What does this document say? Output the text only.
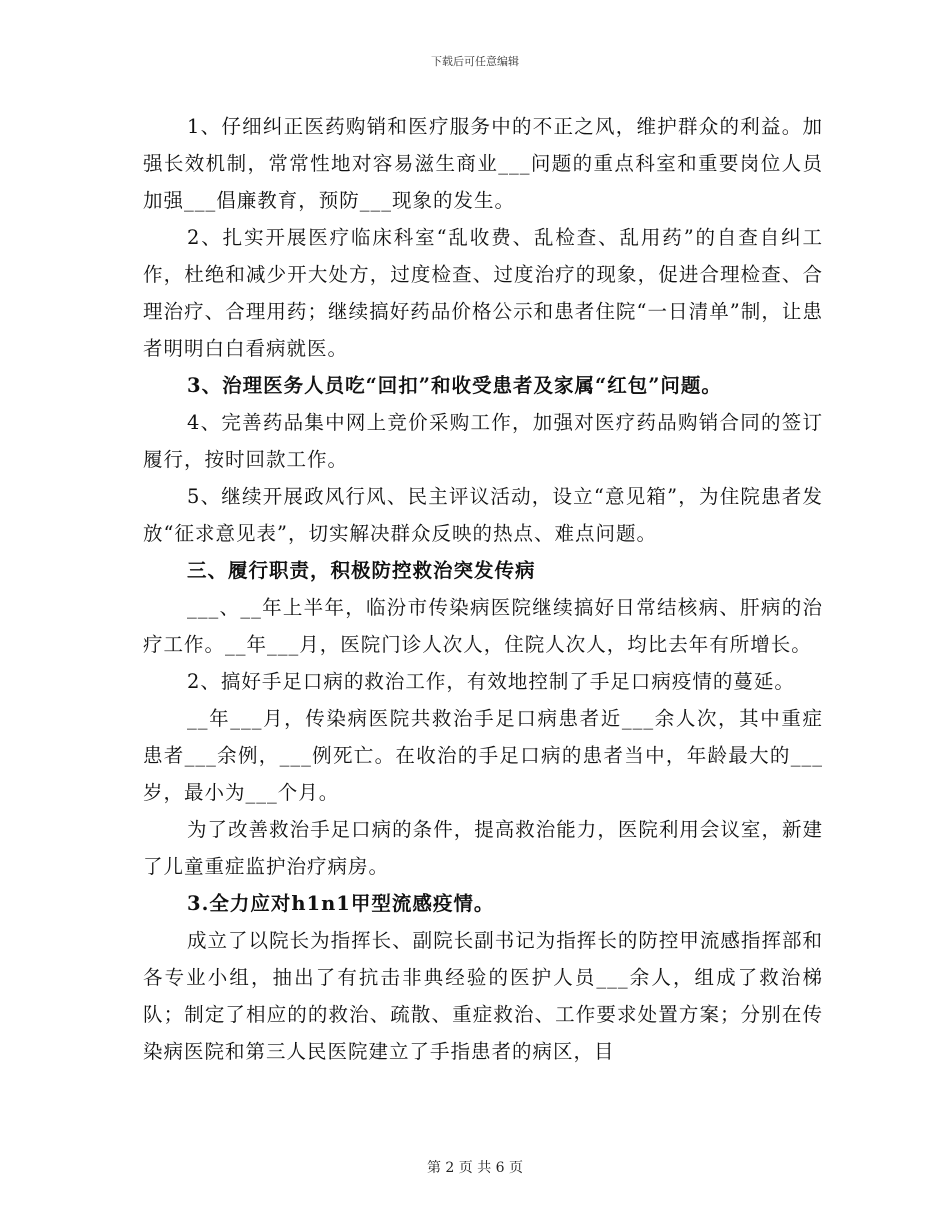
下载后可任意编辑

1、仔细纠正医药购销和医疗服务中的不正之风，维护群众的利益。加强长效机制，常常性地对容易滋生商业___问题的重点科室和重要岗位人员加强___倡廉教育，预防___现象的发生。

2、扎实开展医疗临床科室“乱收费、乱检查、乱用药”的自查自纠工作，杜绝和减少开大处方，过度检查、过度治疗的现象，促进合理检查、合理治疗、合理用药；继续搞好药品价格公示和患者住院“一日清单”制，让患者明明白白看病就医。

3、治理医务人员吃“回扣”和收受患者及家属“红包”问题。

4、完善药品集中网上竞价采购工作，加强对医疗药品购销合同的签订履行，按时回款工作。

5、继续开展政风行风、民主评议活动，设立“意见箱”，为住院患者发放“征求意见表”，切实解决群众反映的热点、难点问题。

三、履行职责，积极防控救治突发传病

___、__年上半年，临汾市传染病医院继续搞好日常结核病、肝病的治疗工作。__年___月，医院门诊人次人，住院人次人，均比去年有所增长。

2、搞好手足口病的救治工作，有效地控制了手足口病疫情的蔓延。

__年___月，传染病医院共救治手足口病患者近___余人次，其中重症患者___余例，___例死亡。在收治的手足口病的患者当中，年龄最大的___岁，最小为___个月。

为了改善救治手足口病的条件，提高救治能力，医院利用会议室，新建了儿童重症监护治疗病房。

3.全力应对h1n1甲型流感疫情。

成立了以院长为指挥长、副院长副书记为指挥长的防控甲流感指挥部和各专业小组，抽出了有抗击非典经验的医护人员___余人，组成了救治梯队；制定了相应的的救治、疏散、重症救治、工作要求处置方案；分别在传染病医院和第三人民医院建立了手指患者的病区，目

第 2 页 共 6 页
